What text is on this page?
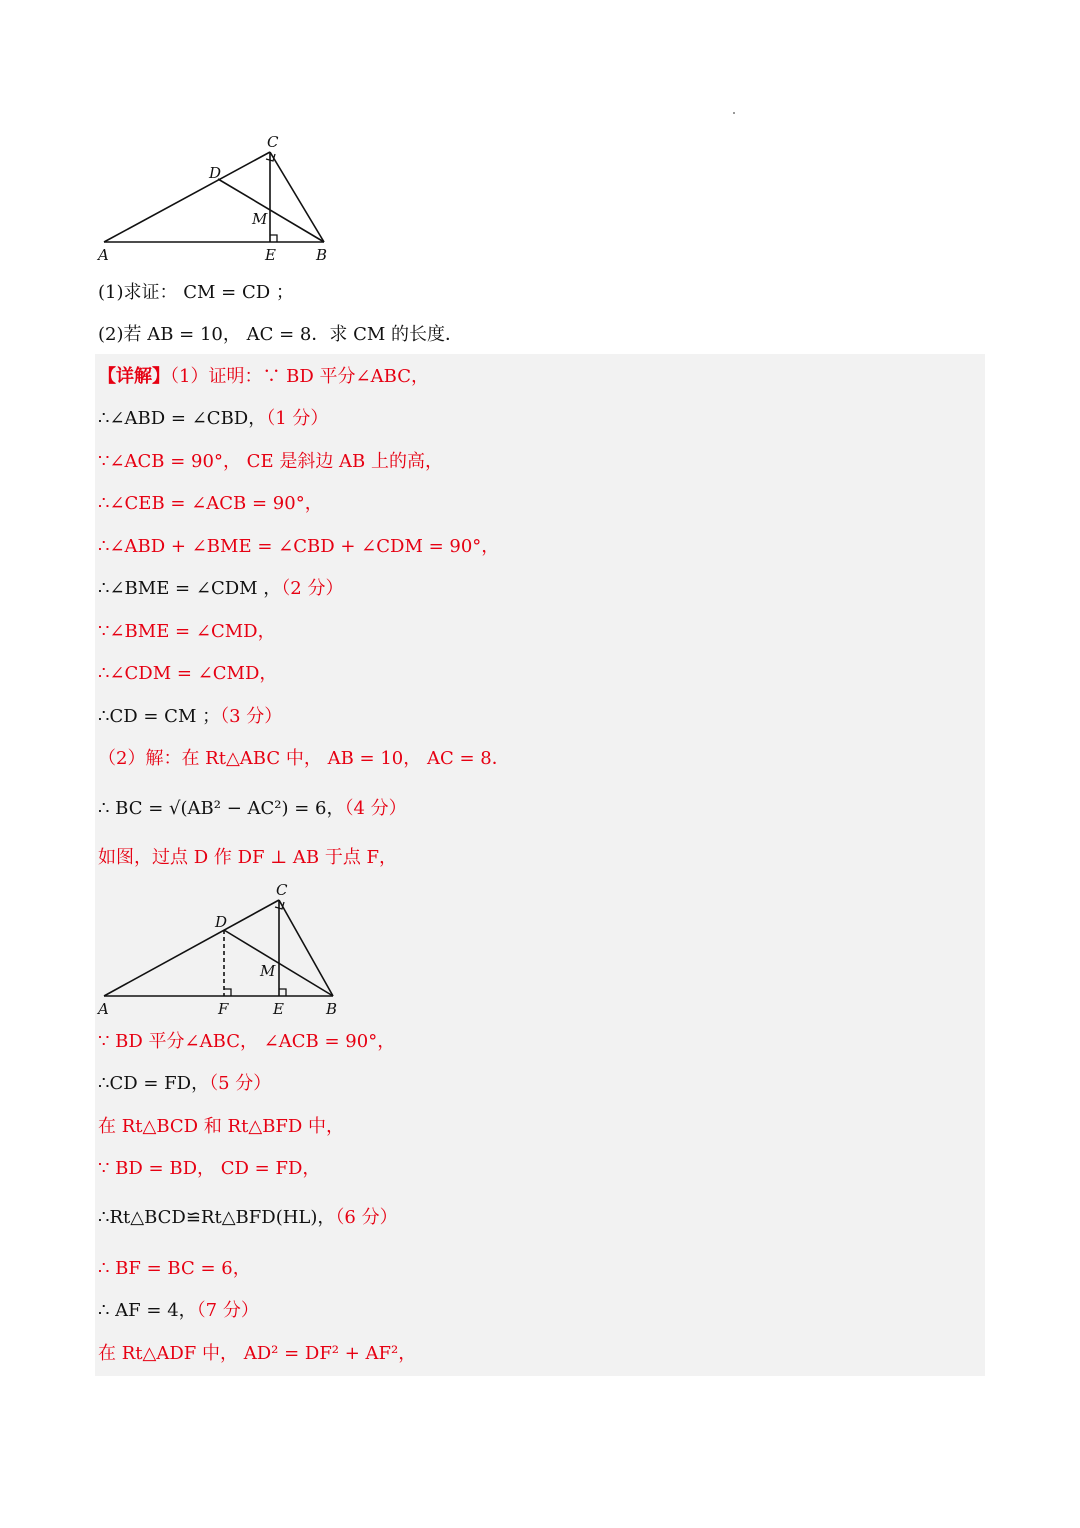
C
D
M
A	E	B
(1)求证： CM = CD ；
(2)若 AB = 10， AC = 8．求 CM 的长度．
【详解】（1）证明：∵ BD 平分∠ABC，
∴∠ABD = ∠CBD，（1 分）
∵∠ACB = 90°， CE 是斜边 AB 上的高，
∴∠CEB = ∠ACB = 90°，
∴∠ABD + ∠BME = ∠CBD + ∠CDM = 90°，
∴∠BME = ∠CDM ，（2 分）
∵∠BME = ∠CMD，
∴∠CDM = ∠CMD，
∴CD = CM ；（3 分）
（2）解：在 Rt△ABC 中， AB = 10， AC = 8．
∴ BC = √(AB² − AC²) = 6，（4 分）
如图，过点 D 作 DF ⊥ AB 于点 F，
C
D
M
A	F	E	B
∵ BD 平分∠ABC， ∠ACB = 90°，
∴CD = FD，（5 分）
在 Rt△BCD 和 Rt△BFD 中，
∵ BD = BD， CD = FD，
∴Rt△BCD≌Rt△BFD(HL)，（6 分）
∴ BF = BC = 6，
∴ AF = 4，（7 分）
在 Rt△ADF 中， AD² = DF² + AF²，
